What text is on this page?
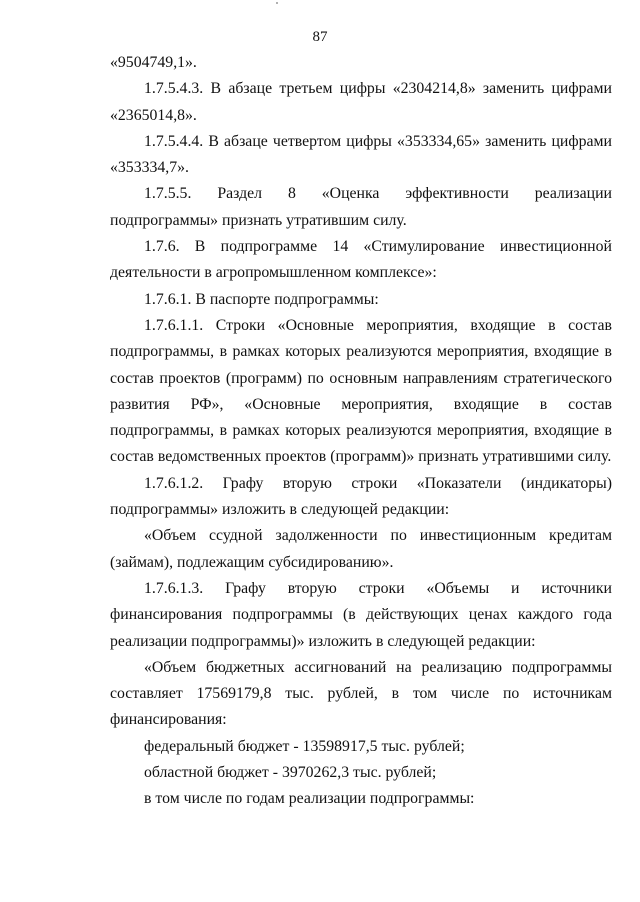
87

«9504749,1».

1.7.5.4.3. В абзаце третьем цифры «2304214,8» заменить цифрами «2365014,8».

1.7.5.4.4. В абзаце четвертом цифры «353334,65» заменить цифрами «353334,7».

1.7.5.5. Раздел 8 «Оценка эффективности реализации подпрограммы» признать утратившим силу.

1.7.6. В подпрограмме 14 «Стимулирование инвестиционной деятельности в агропромышленном комплексе»:

1.7.6.1. В паспорте подпрограммы:

1.7.6.1.1. Строки «Основные мероприятия, входящие в состав подпрограммы, в рамках которых реализуются мероприятия, входящие в состав проектов (программ) по основным направлениям стратегического развития РФ», «Основные мероприятия, входящие в состав подпрограммы, в рамках которых реализуются мероприятия, входящие в состав ведомственных проектов (программ)» признать утратившими силу.

1.7.6.1.2. Графу вторую строки «Показатели (индикаторы) подпрограммы» изложить в следующей редакции:

«Объем ссудной задолженности по инвестиционным кредитам (займам), подлежащим субсидированию».

1.7.6.1.3. Графу вторую строки «Объемы и источники финансирования подпрограммы (в действующих ценах каждого года реализации подпрограммы)» изложить в следующей редакции:

«Объем бюджетных ассигнований на реализацию подпрограммы составляет 17569179,8 тыс. рублей, в том числе по источникам финансирования:

федеральный бюджет - 13598917,5 тыс. рублей;

областной бюджет - 3970262,3 тыс. рублей;

в том числе по годам реализации подпрограммы:
